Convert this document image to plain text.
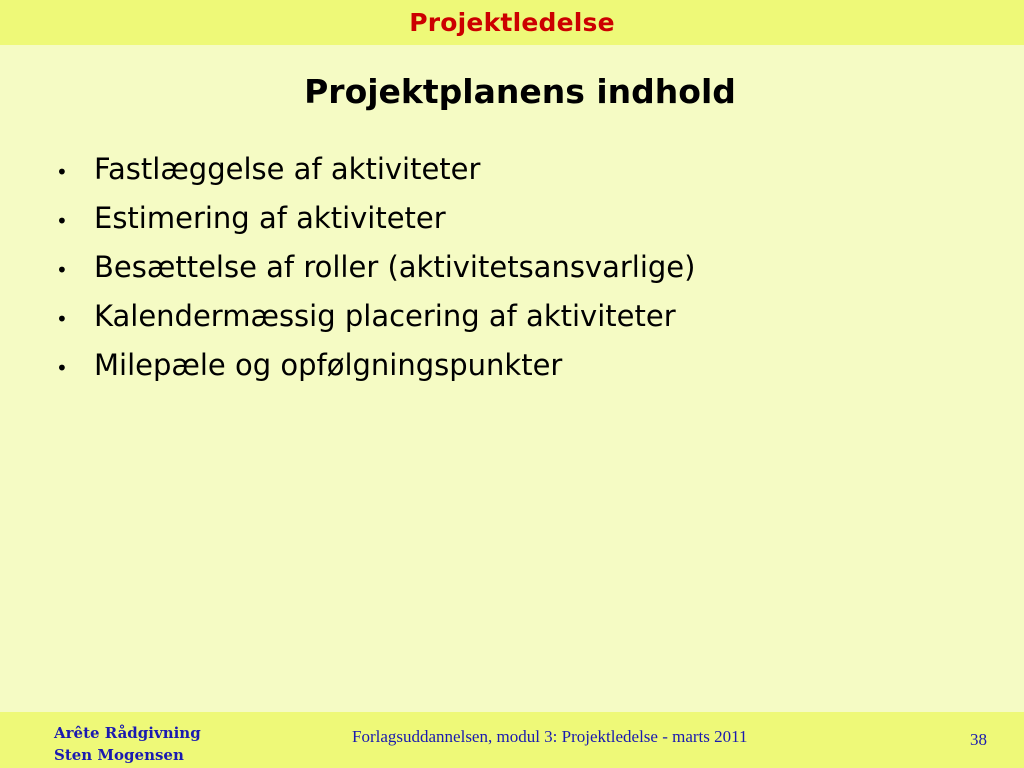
Projektledelse
Projektplanens indhold
• Fastlæggelse af aktiviteter
• Estimering af aktiviteter
• Besættelse af roller (aktivitetsansvarlige)
• Kalendermæssig placering af aktiviteter
• Milepæle og opfølgningspunkter
Arête Rådgivning
Sten Mogensen
Forlagsuddannelsen, modul 3: Projektledelse - marts 2011	38
